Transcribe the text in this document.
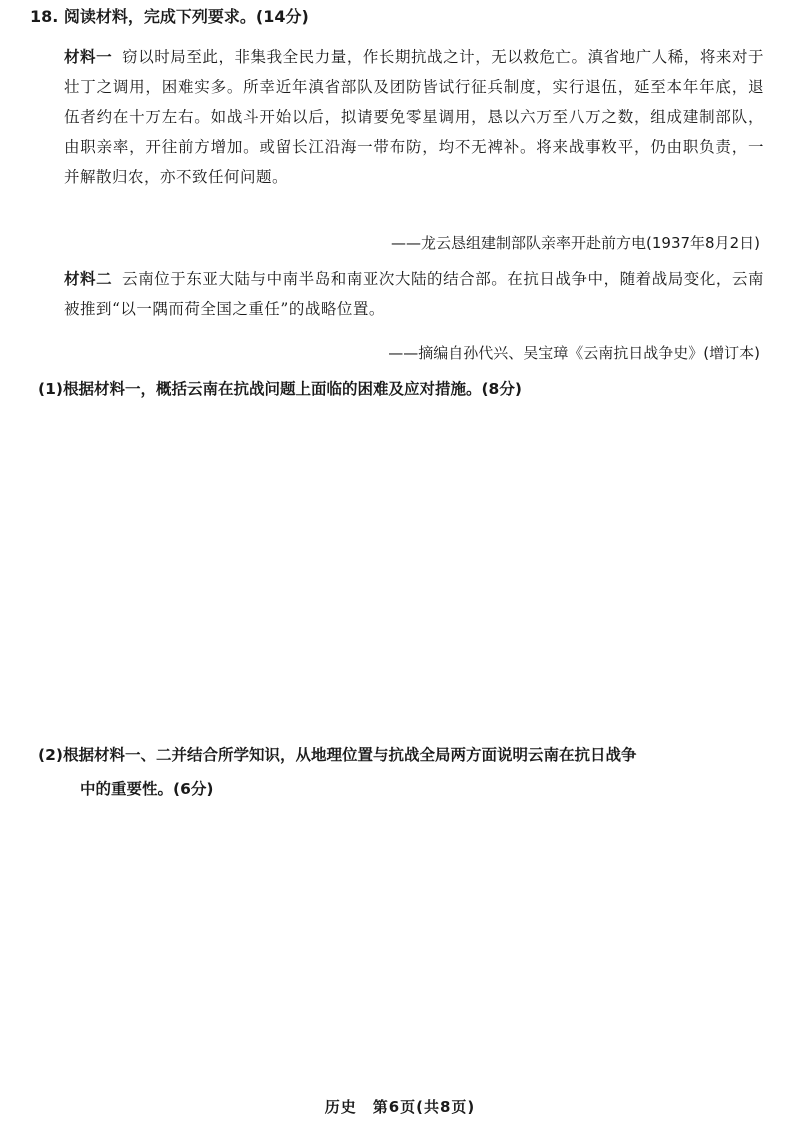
18. 阅读材料，完成下列要求。(14分)
材料一 窃以时局至此，非集我全民力量，作长期抗战之计，无以救危亡。滇省地广人稀，将来对于壮丁之调用，困难实多。所幸近年滇省部队及团防皆试行征兵制度，实行退伍，延至本年年底，退伍者约在十万左右。如战斗开始以后，拟请要免零星调用，恳以六万至八万之数，组成建制部队，由职亲率，开往前方增加。或留长江沿海一带布防，均不无裨补。将来战事敉平，仍由职负责，一并解散归农，亦不致任何问题。
——龙云恳组建制部队亲率开赴前方电(1937年8月2日)
材料二 云南位于东亚大陆与中南半岛和南亚次大陆的结合部。在抗日战争中，随着战局变化，云南被推到“以一隅而荷全国之重任”的战略位置。
——摘编自孙代兴、吴宝璋《云南抗日战争史》(增订本)
(1)根据材料一，概括云南在抗战问题上面临的困难及应对措施。(8分)
(2)根据材料一、二并结合所学知识，从地理位置与抗战全局两方面说明云南在抗日战争
中的重要性。(6分)
历史　第6页(共8页)
